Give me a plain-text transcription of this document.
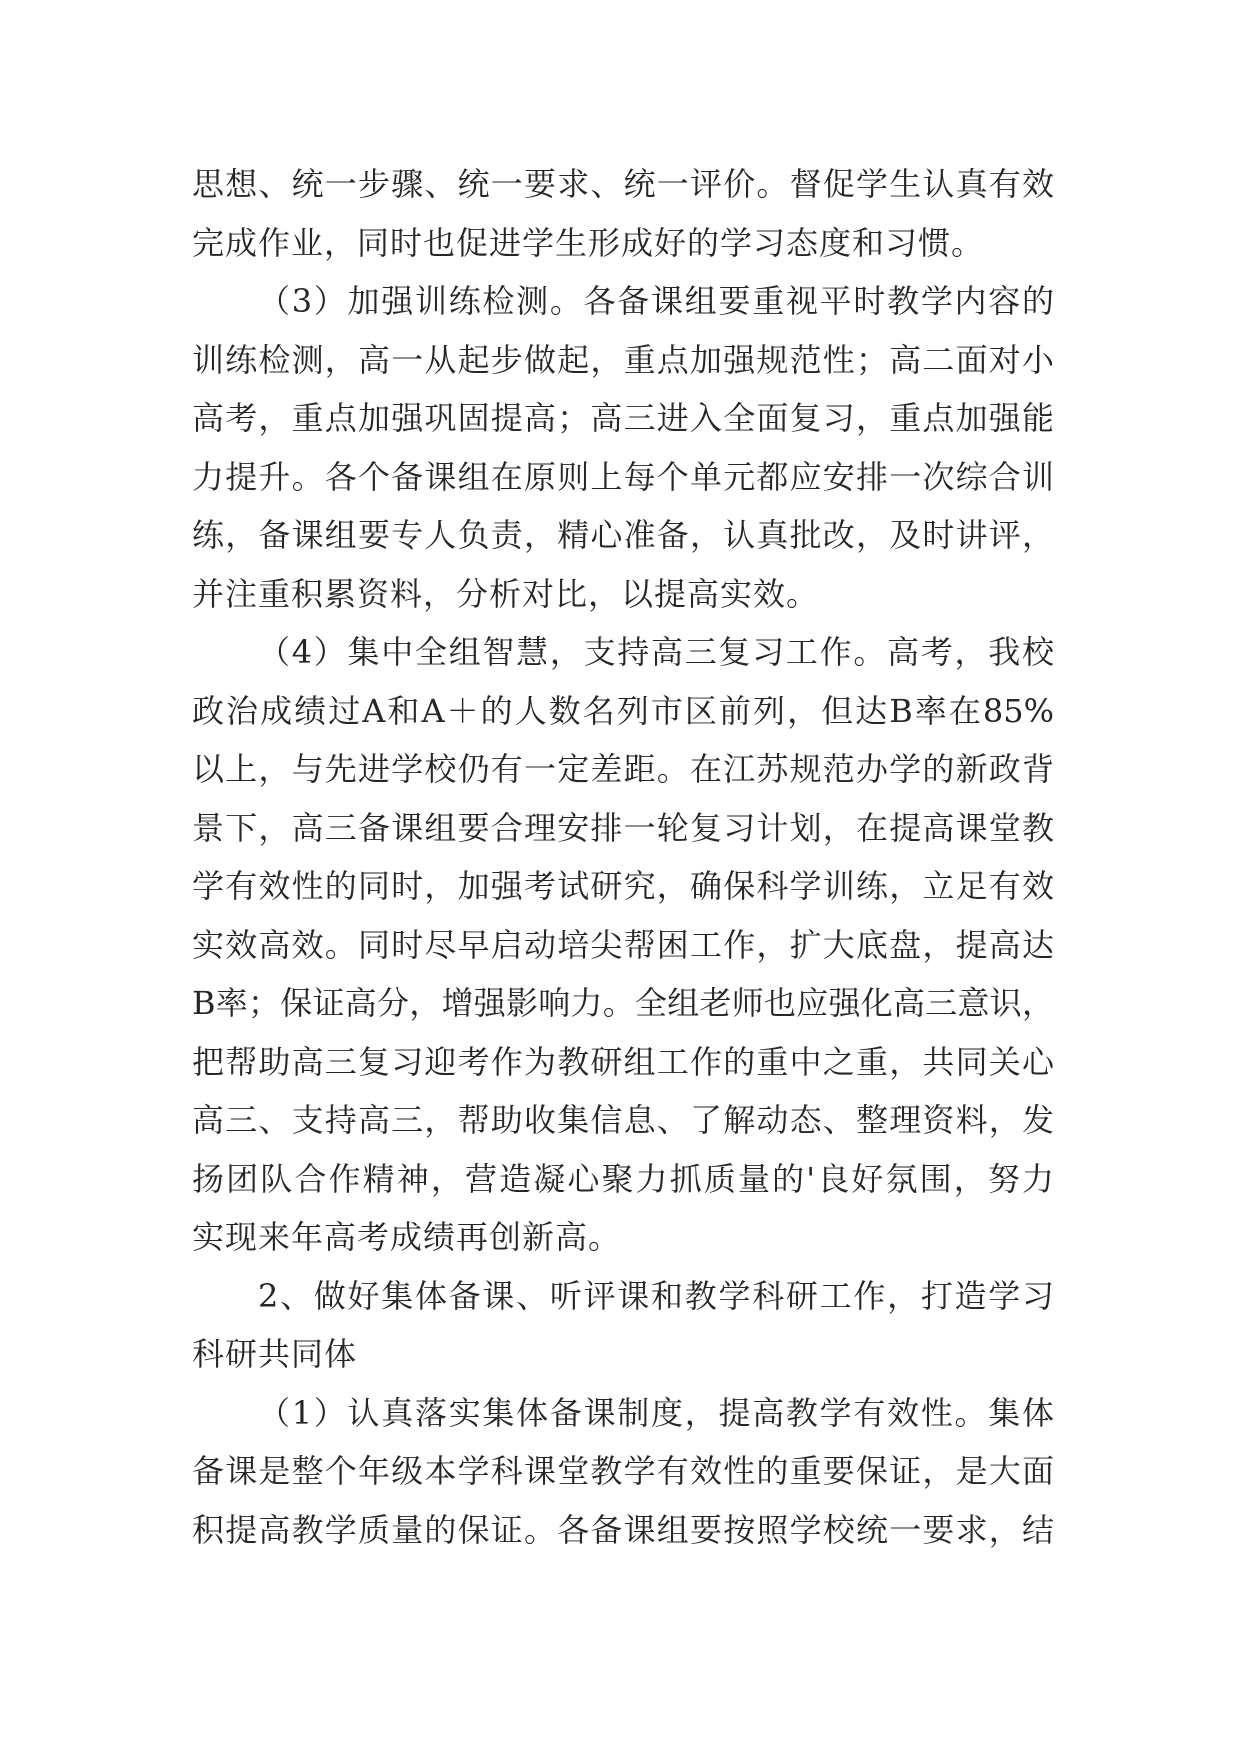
思想、统一步骤、统一要求、统一评价。督促学生认真有效
完成作业，同时也促进学生形成好的学习态度和习惯。
（3）加强训练检测。各备课组要重视平时教学内容的
训练检测，高一从起步做起，重点加强规范性；高二面对小
高考，重点加强巩固提高；高三进入全面复习，重点加强能
力提升。各个备课组在原则上每个单元都应安排一次综合训
练，备课组要专人负责，精心准备，认真批改，及时讲评，
并注重积累资料，分析对比，以提高实效。
（4）集中全组智慧，支持高三复习工作。高考，我校
政治成绩过A和A＋的人数名列市区前列，但达B率在85%
以上，与先进学校仍有一定差距。在江苏规范办学的新政背
景下，高三备课组要合理安排一轮复习计划，在提高课堂教
学有效性的同时，加强考试研究，确保科学训练，立足有效
实效高效。同时尽早启动培尖帮困工作，扩大底盘，提高达
B率；保证高分，增强影响力。全组老师也应强化高三意识，
把帮助高三复习迎考作为教研组工作的重中之重，共同关心
高三、支持高三，帮助收集信息、了解动态、整理资料，发
扬团队合作精神，营造凝心聚力抓质量的'良好氛围，努力
实现来年高考成绩再创新高。
2、做好集体备课、听评课和教学科研工作，打造学习
科研共同体
（1）认真落实集体备课制度，提高教学有效性。集体
备课是整个年级本学科课堂教学有效性的重要保证，是大面
积提高教学质量的保证。各备课组要按照学校统一要求，结
